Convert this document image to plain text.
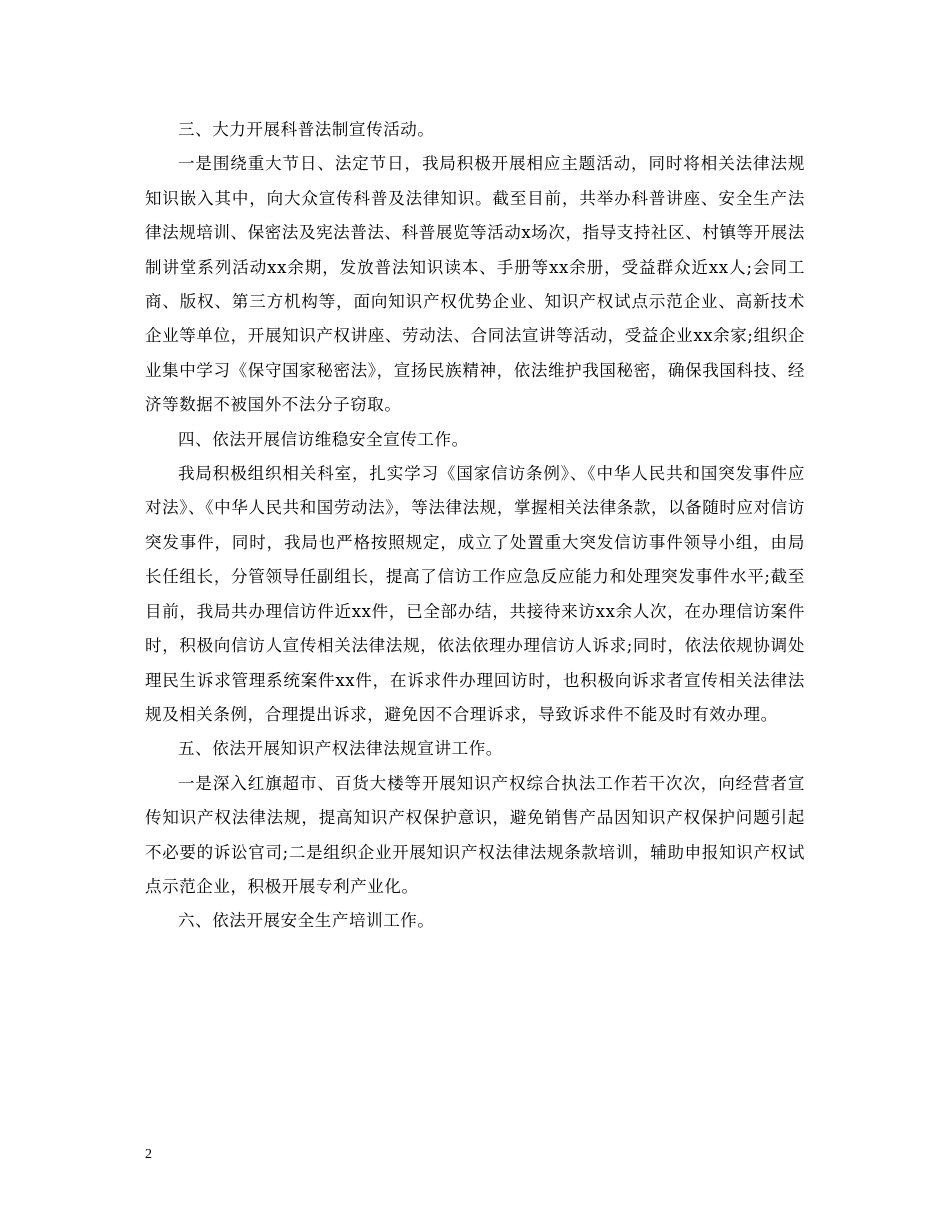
三、大力开展科普法制宣传活动。

一是围绕重大节日、法定节日，我局积极开展相应主题活动，同时将相关法律法规知识嵌入其中，向大众宣传科普及法律知识。截至目前，共举办科普讲座、安全生产法律法规培训、保密法及宪法普法、科普展览等活动x场次，指导支持社区、村镇等开展法制讲堂系列活动xx余期，发放普法知识读本、手册等xx余册，受益群众近xx人;会同工商、版权、第三方机构等，面向知识产权优势企业、知识产权试点示范企业、高新技术企业等单位，开展知识产权讲座、劳动法、合同法宣讲等活动，受益企业xx余家;组织企业集中学习《保守国家秘密法》，宣扬民族精神，依法维护我国秘密，确保我国科技、经济等数据不被国外不法分子窃取。

四、依法开展信访维稳安全宣传工作。

我局积极组织相关科室，扎实学习《国家信访条例》、《中华人民共和国突发事件应对法》、《中华人民共和国劳动法》，等法律法规，掌握相关法律条款，以备随时应对信访突发事件，同时，我局也严格按照规定，成立了处置重大突发信访事件领导小组，由局长任组长，分管领导任副组长，提高了信访工作应急反应能力和处理突发事件水平;截至目前，我局共办理信访件近xx件，已全部办结，共接待来访xx余人次，在办理信访案件时，积极向信访人宣传相关法律法规，依法依理办理信访人诉求;同时，依法依规协调处理民生诉求管理系统案件xx件，在诉求件办理回访时，也积极向诉求者宣传相关法律法规及相关条例，合理提出诉求，避免因不合理诉求，导致诉求件不能及时有效办理。

五、依法开展知识产权法律法规宣讲工作。

一是深入红旗超市、百货大楼等开展知识产权综合执法工作若干次次，向经营者宣传知识产权法律法规，提高知识产权保护意识，避免销售产品因知识产权保护问题引起不必要的诉讼官司;二是组织企业开展知识产权法律法规条款培训，辅助申报知识产权试点示范企业，积极开展专利产业化。

六、依法开展安全生产培训工作。

2
